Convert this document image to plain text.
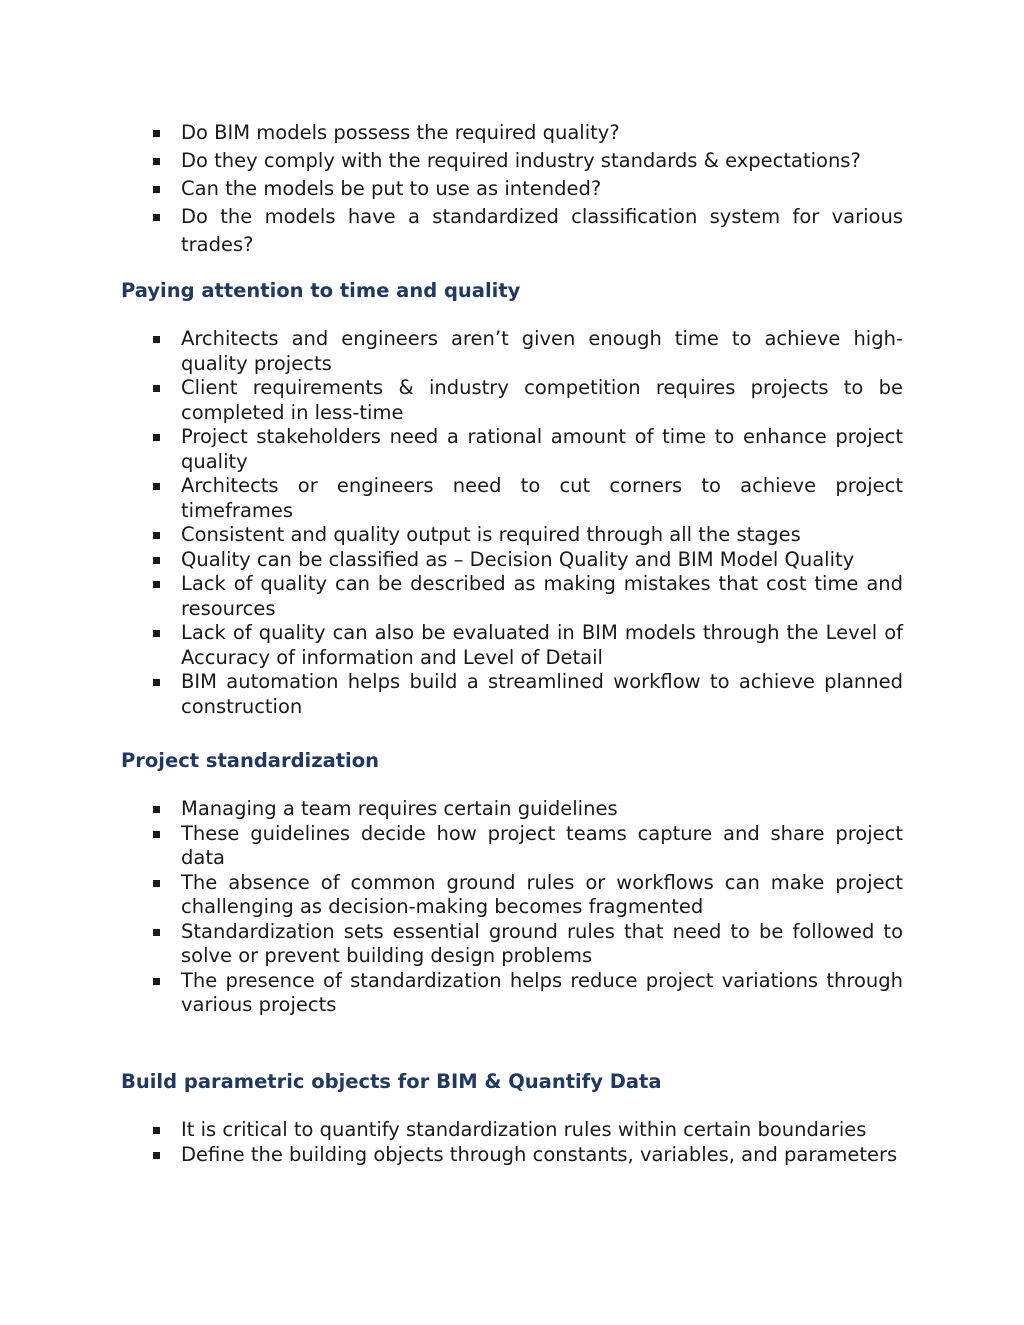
Do BIM models possess the required quality?
Do they comply with the required industry standards & expectations?
Can the models be put to use as intended?
Do the models have a standardized classification system for various trades?
Paying attention to time and quality
Architects and engineers aren’t given enough time to achieve high-quality projects
Client requirements & industry competition requires projects to be completed in less-time
Project stakeholders need a rational amount of time to enhance project quality
Architects or engineers need to cut corners to achieve project timeframes
Consistent and quality output is required through all the stages
Quality can be classified as – Decision Quality and BIM Model Quality
Lack of quality can be described as making mistakes that cost time and resources
Lack of quality can also be evaluated in BIM models through the Level of Accuracy of information and Level of Detail
BIM automation helps build a streamlined workflow to achieve planned construction
Project standardization
Managing a team requires certain guidelines
These guidelines decide how project teams capture and share project data
The absence of common ground rules or workflows can make project challenging as decision-making becomes fragmented
Standardization sets essential ground rules that need to be followed to solve or prevent building design problems
The presence of standardization helps reduce project variations through various projects
Build parametric objects for BIM & Quantify Data
It is critical to quantify standardization rules within certain boundaries
Define the building objects through constants, variables, and parameters
